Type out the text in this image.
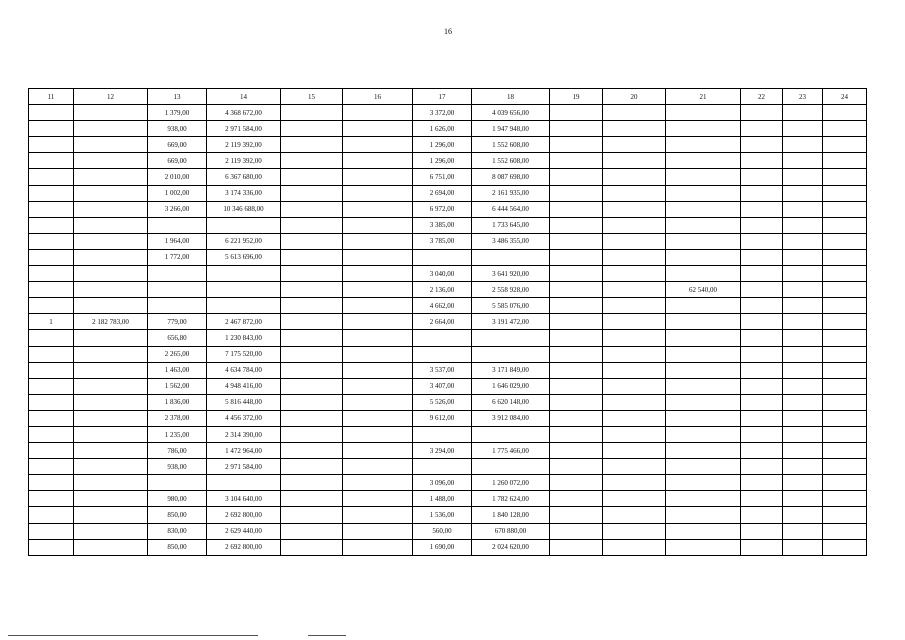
16
11	12	13	14	15	16	17	18	19	20	21	22	23	24
		1 379,00	4 368 672,00			3 372,00	4 039 656,00						
		938,00	2 971 584,00			1 626,00	1 947 948,00						
		669,00	2 119 392,00			1 296,00	1 552 608,00						
		669,00	2 119 392,00			1 296,00	1 552 608,00						
		2 010,00	6 367 680,00			6 751,00	8 087 698,00						
		1 002,00	3 174 336,00			2 694,00	2 161 935,00						
		3 266,00	10 346 688,00			6 972,00	6 444 564,00						
						3 385,00	1 733 645,00						
		1 964,00	6 221 952,00			3 785,00	3 486 355,00						
		1 772,00	5 613 696,00										
						3 040,00	3 641 920,00						
						2 136,00	2 558 928,00			62 540,00			
						4 662,00	5 585 076,00						
1	2 182 783,00	779,00	2 467 872,00			2 664,00	3 191 472,00						
		656,80	1 230 843,00										
		2 265,00	7 175 520,00										
		1 463,00	4 634 784,00			3 537,00	3 171 849,00						
		1 562,00	4 948 416,00			3 407,00	1 646 029,00						
		1 836,00	5 816 448,00			5 526,00	6 620 148,00						
		2 378,00	4 456 372,00			9 612,00	3 912 084,00						
		1 235,00	2 314 390,00										
		786,00	1 472 964,00			3 294,00	1 775 466,00						
		938,00	2 971 584,00										
						3 096,00	1 260 072,00						
		980,00	3 104 640,00			1 488,00	1 782 624,00						
		850,00	2 692 800,00			1 536,00	1 840 128,00						
		830,00	2 629 440,00			560,00	670 880,00						
		850,00	2 692 800,00			1 690,00	2 024 620,00						
